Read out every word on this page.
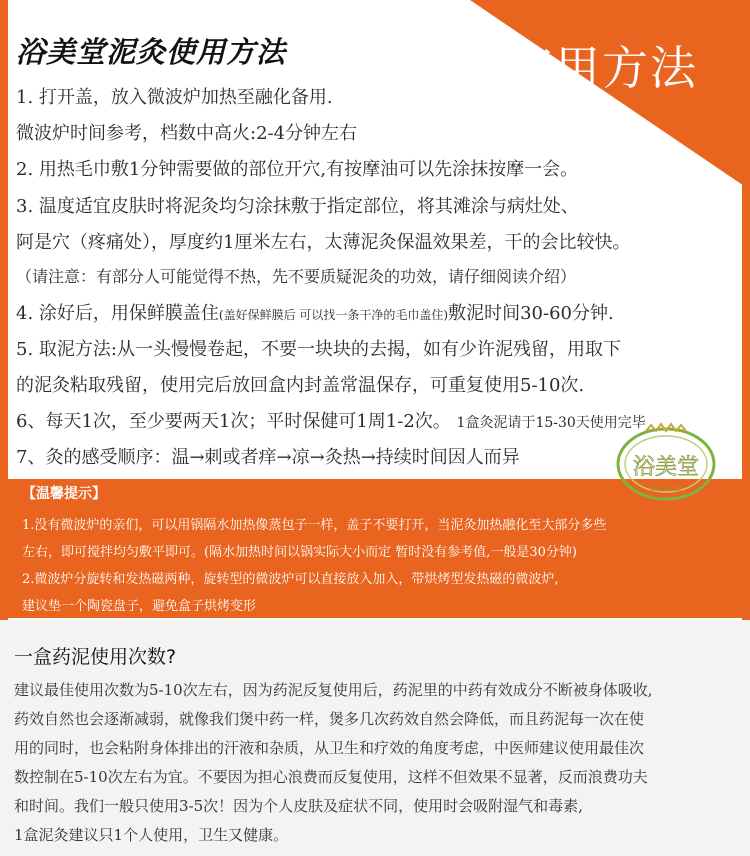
使用方法
浴美堂泥灸使用方法
1. 打开盖，放入微波炉加热至融化备用.
微波炉时间参考，档数中高火:2-4分钟左右
2. 用热毛巾敷1分钟需要做的部位开穴,有按摩油可以先涂抹按摩一会。
3. 温度适宜皮肤时将泥灸均匀涂抹敷于指定部位，将其滩涂与病灶处、
阿是穴（疼痛处），厚度约1厘米左右，太薄泥灸保温效果差，干的会比较快。
（请注意：有部分人可能觉得不热，先不要质疑泥灸的功效，请仔细阅读介绍）
4. 涂好后，用保鲜膜盖住(盖好保鲜膜后 可以找一条干净的毛巾盖住)敷泥时间30-60分钟.
5. 取泥方法:从一头慢慢卷起，不要一块块的去揭，如有少许泥残留，用取下
的泥灸粘取残留，使用完后放回盒内封盖常温保存，可重复使用5-10次.
6、每天1次，至少要两天1次；平时保健可1周1-2次。 1盒灸泥请于15-30天使用完毕
7、灸的感受顺序：温→刺或者痒→凉→灸热→持续时间因人而异
【温馨提示】
1.没有微波炉的亲们，可以用锅隔水加热像蒸包子一样，盖子不要打开，当泥灸加热融化至大部分多些
左右，即可搅拌均匀敷平即可。(隔水加热时间以锅实际大小而定 暂时没有参考值,一般是30分钟)
2.微波炉分旋转和发热磁两种，旋转型的微波炉可以直接放入加入，带烘烤型发热磁的微波炉,
建议垫一个陶瓷盘子，避免盒子烘烤变形
浴美堂
SINCE
一盒药泥使用次数?
建议最佳使用次数为5-10次左右，因为药泥反复使用后，药泥里的中药有效成分不断被身体吸收,
药效自然也会逐渐减弱，就像我们煲中药一样，煲多几次药效自然会降低，而且药泥每一次在使
用的同时，也会粘附身体排出的汗液和杂质，从卫生和疗效的角度考虑，中医师建议使用最佳次
数控制在5-10次左右为宜。不要因为担心浪费而反复使用，这样不但效果不显著，反而浪费功夫
和时间。我们一般只使用3-5次！因为个人皮肤及症状不同，使用时会吸附湿气和毒素,
1盒泥灸建议只1个人使用，卫生又健康。
